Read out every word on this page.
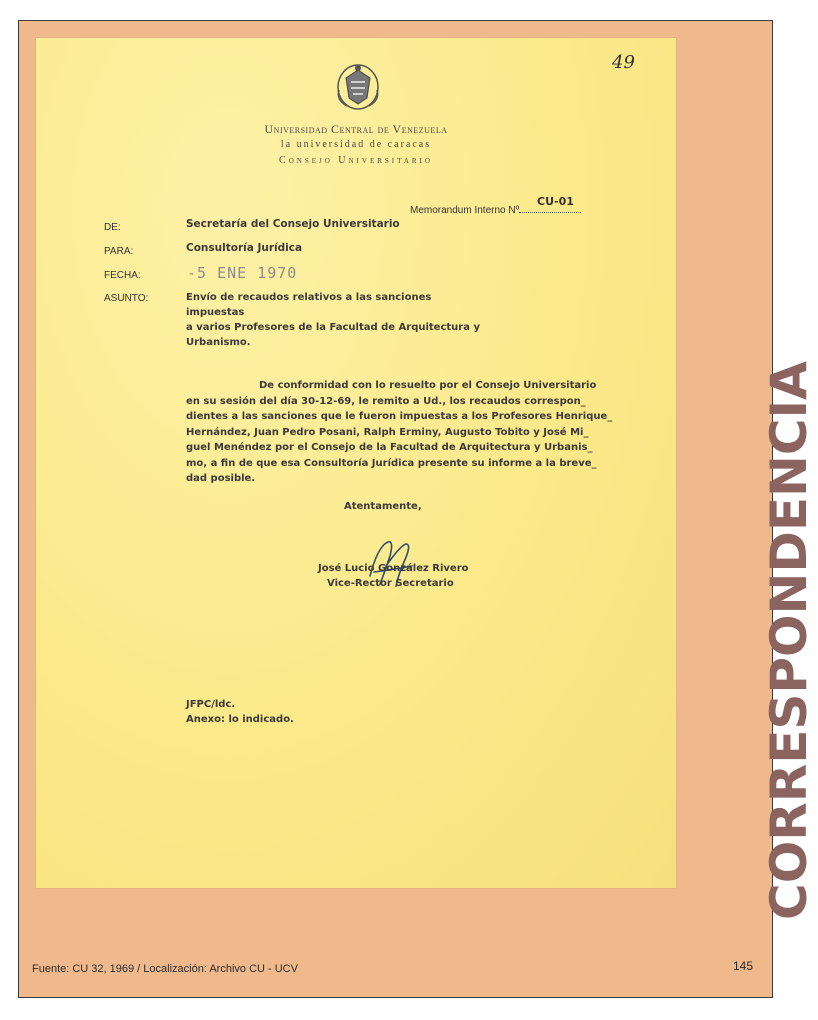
49
Universidad Central de Venezuela
la universidad de caracas
Consejo Universitario
Memorandum Interno Nº
CU-01
DE:	Secretaría del Consejo Universitario
PARA:	Consultoría Jurídica
FECHA:	-5 ENE 1970
ASUNTO:	Envío de recaudos relativos a las sanciones impuestas
a varios Profesores de la Facultad de Arquitectura y
Urbanismo.
De conformidad con lo resuelto por el Consejo Universitario
en su sesión del día 30-12-69, le remito a Ud., los recaudos correspon_
dientes a las sanciones que le fueron impuestas a los Profesores Henrique_
Hernández, Juan Pedro Posani, Ralph Erminy, Augusto Tobito y José Mi_
guel Menéndez por el Consejo de la Facultad de Arquitectura y Urbanis_
mo, a fin de que esa Consultoría Jurídica presente su informe a la breve_
dad posible.
Atentamente,
José Lucio González Rivero
Vice-Rector Secretario
JFPC/ldc.
Anexo: lo indicado.	CORRESPONDENCIA
Fuente: CU 32, 1969 / Localización: Archivo CU - UCV	145
